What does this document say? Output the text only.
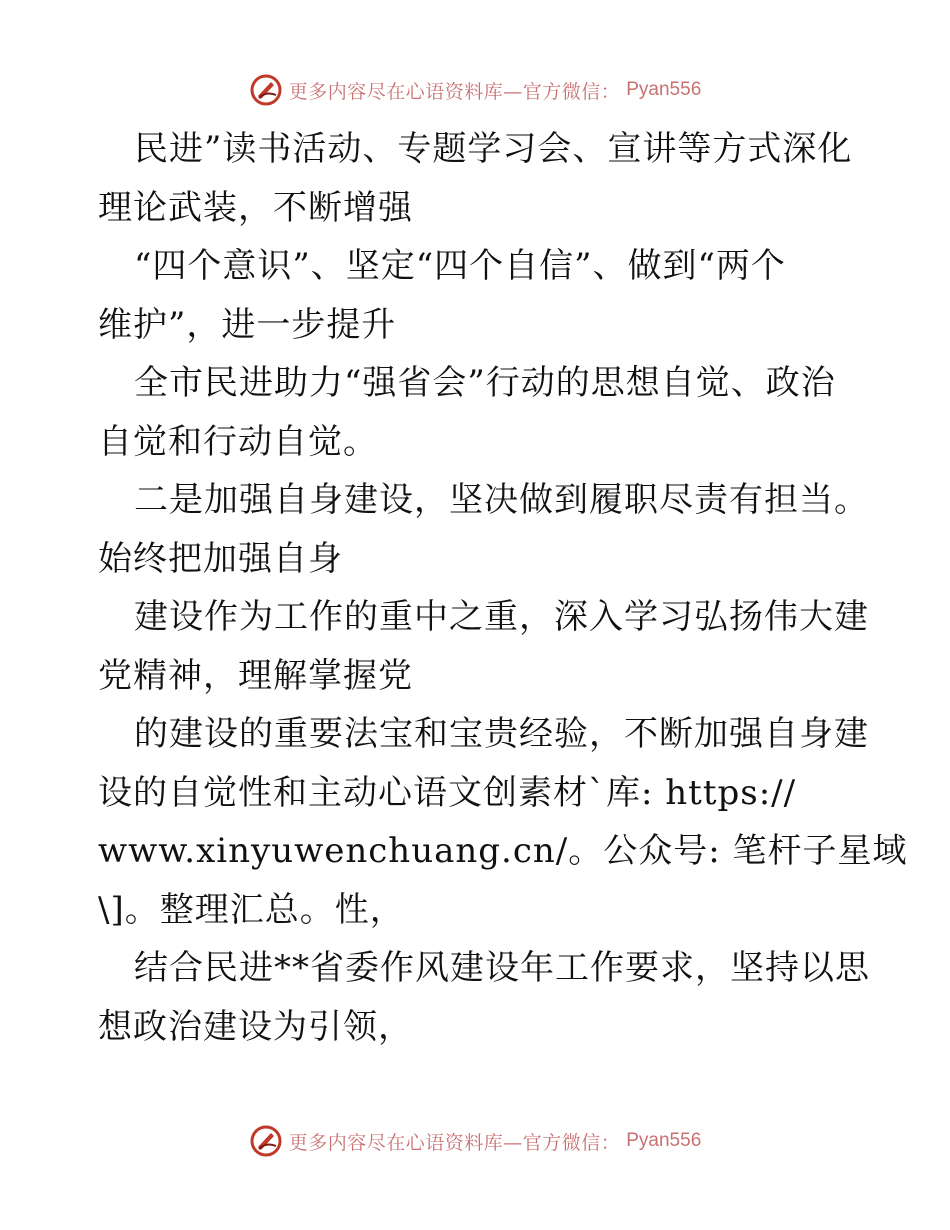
更多内容尽在心语资料库—官方微信： Pyan556
民进”读书活动、专题学习会、宣讲等方式深化
理论武装，不断增强
“四个意识”、坚定“四个自信”、做到“两个
维护”，进一步提升
全市民进助力“强省会”行动的思想自觉、政治
自觉和行动自觉。
二是加强自身建设，坚决做到履职尽责有担当。
始终把加强自身
建设作为工作的重中之重，深入学习弘扬伟大建
党精神，理解掌握党
的建设的重要法宝和宝贵经验，不断加强自身建
设的自觉性和主动心语文创素材`库: https://
www.xinyuwenchuang.cn/。公众号: 笔杆子星域
\]。整理汇总。性，
结合民进**省委作风建设年工作要求，坚持以思
想政治建设为引领，
更多内容尽在心语资料库—官方微信： Pyan556
